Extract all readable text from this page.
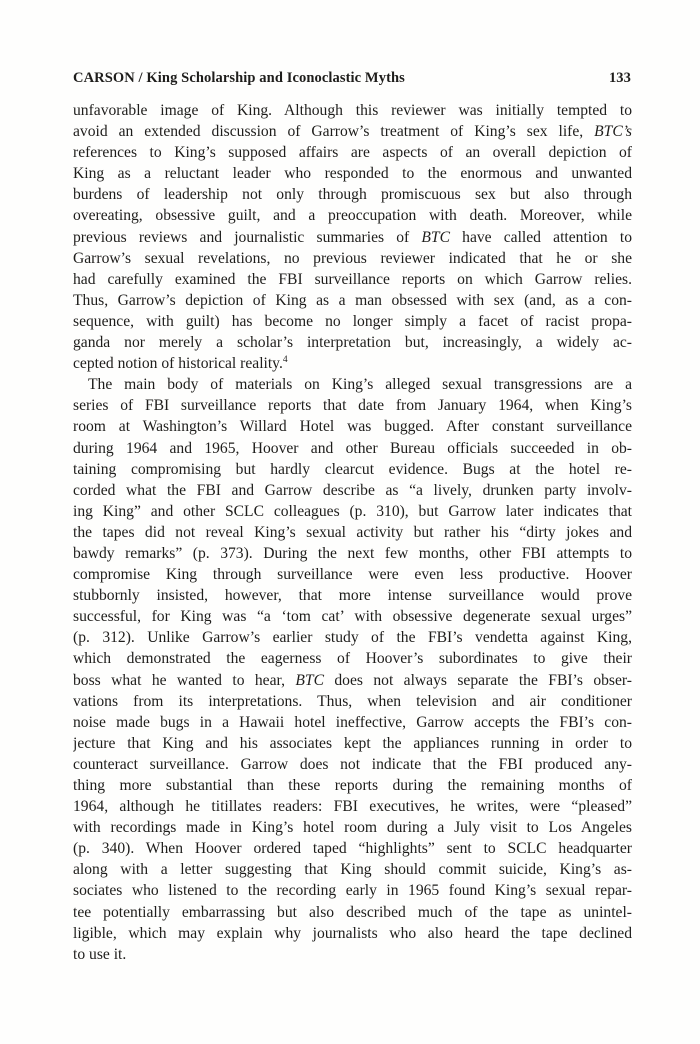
CARSON / King Scholarship and Iconoclastic Myths	133
unfavorable image of King. Although this reviewer was initially tempted to
avoid an extended discussion of Garrow’s treatment of King’s sex life, BTC’s
references to King’s supposed affairs are aspects of an overall depiction of
King as a reluctant leader who responded to the enormous and unwanted
burdens of leadership not only through promiscuous sex but also through
overeating, obsessive guilt, and a preoccupation with death. Moreover, while
previous reviews and journalistic summaries of BTC have called attention to
Garrow’s sexual revelations, no previous reviewer indicated that he or she
had carefully examined the FBI surveillance reports on which Garrow relies.
Thus, Garrow’s depiction of King as a man obsessed with sex (and, as a con-
sequence, with guilt) has become no longer simply a facet of racist propa-
ganda nor merely a scholar’s interpretation but, increasingly, a widely ac-
cepted notion of historical reality.$^4$
The main body of materials on King’s alleged sexual transgressions are a
series of FBI surveillance reports that date from January 1964, when King’s
room at Washington’s Willard Hotel was bugged. After constant surveillance
during 1964 and 1965, Hoover and other Bureau officials succeeded in ob-
taining compromising but hardly clearcut evidence. Bugs at the hotel re-
corded what the FBI and Garrow describe as “a lively, drunken party involv-
ing King” and other SCLC colleagues (p. 310), but Garrow later indicates that
the tapes did not reveal King’s sexual activity but rather his “dirty jokes and
bawdy remarks” (p. 373). During the next few months, other FBI attempts to
compromise King through surveillance were even less productive. Hoover
stubbornly insisted, however, that more intense surveillance would prove
successful, for King was “a ‘tom cat’ with obsessive degenerate sexual urges”
(p. 312). Unlike Garrow’s earlier study of the FBI’s vendetta against King,
which demonstrated the eagerness of Hoover’s subordinates to give their
boss what he wanted to hear, BTC does not always separate the FBI’s obser-
vations from its interpretations. Thus, when television and air conditioner
noise made bugs in a Hawaii hotel ineffective, Garrow accepts the FBI’s con-
jecture that King and his associates kept the appliances running in order to
counteract surveillance. Garrow does not indicate that the FBI produced any-
thing more substantial than these reports during the remaining months of
1964, although he titillates readers: FBI executives, he writes, were “pleased”
with recordings made in King’s hotel room during a July visit to Los Angeles
(p. 340). When Hoover ordered taped “highlights” sent to SCLC headquarter
along with a letter suggesting that King should commit suicide, King’s as-
sociates who listened to the recording early in 1965 found King’s sexual repar-
tee potentially embarrassing but also described much of the tape as unintel-
ligible, which may explain why journalists who also heard the tape declined
to use it.
